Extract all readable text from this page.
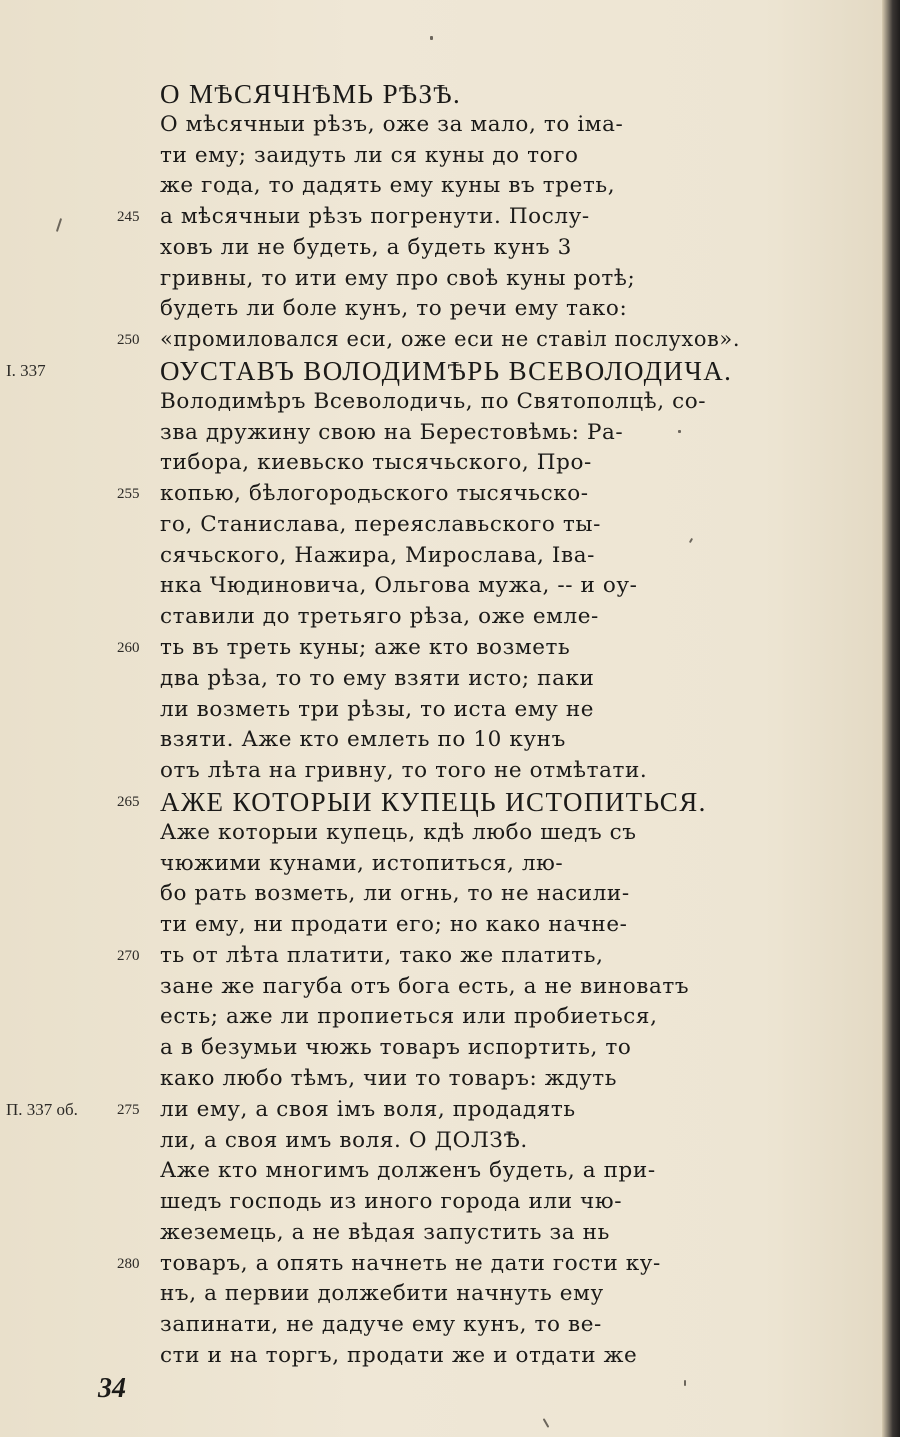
О МѢСЯЧНѢМЬ РѢЗѢ.
О мѣсячныи рѣзъ, оже за мало, то іма-
ти ему; заидуть ли ся куны до того
же года, то дадять ему куны въ треть,
а мѣсячныи рѣзъ погренути. Послу-
245
ховъ ли не будеть, а будеть кунъ 3
гривны, то ити ему про своѣ куны ротѣ;
будеть ли боле кунъ, то речи ему тако:
«промиловался еси, оже еси не ставіл послухов».
250
ОУСТАВЪ ВОЛОДИМѢРЬ ВСЕВОЛОДИЧА.
I. 337
Володимѣръ Всеволодичь, по Святополцѣ, со-
зва дружину свою на Берестовѣмь: Ра-
тибора, киевьско тысячьского, Про-
копью, бѣлогородьского тысячьско-
255
го, Станислава, переяславьского ты-
сячьского, Нажира, Мирослава, Іва-
нка Чюдиновича, Ольгова мужа, -- и оу-
ставили до третьяго рѣза, оже емле-
ть въ треть куны; аже кто возметь
260
два рѣза, то то ему взяти исто; паки
ли возметь три рѣзы, то иста ему не
взяти. Аже кто емлеть по 10 кунъ
отъ лѣта на гривну, то того не отмѣтати.
АЖЕ КОТОРЫИ КУПЕЦЬ ИСТОПИТЬСЯ.
265
Аже которыи купець, кдѣ любо шедъ съ
чюжими кунами, истопиться, лю-
бо рать возметь, ли огнь, то не насили-
ти ему, ни продати его; но како начне-
ть от лѣта платити, тако же платить,
270
зане же пагуба отъ бога есть, а не виноватъ
есть; аже ли пропиеться или пробиеться,
а в безумьи чюжь товаръ испортить, то
како любо тѣмъ, чии то товаръ: ждуть
ли ему, а своя імъ воля, продадять
275
П. 337 об.
ли, а своя имъ воля. О ДОЛЗѢ.
Аже кто многимъ долженъ будеть, а при-
шедъ господь из иного города или чю-
жеземець, а не вѣдая запустить за нь
товаръ, а опять начнеть не дати гости ку-
280
нъ, а первии должебити начнуть ему
запинати, не дадуче ему кунъ, то ве-
сти и на торгъ, продати же и отдати же
34
